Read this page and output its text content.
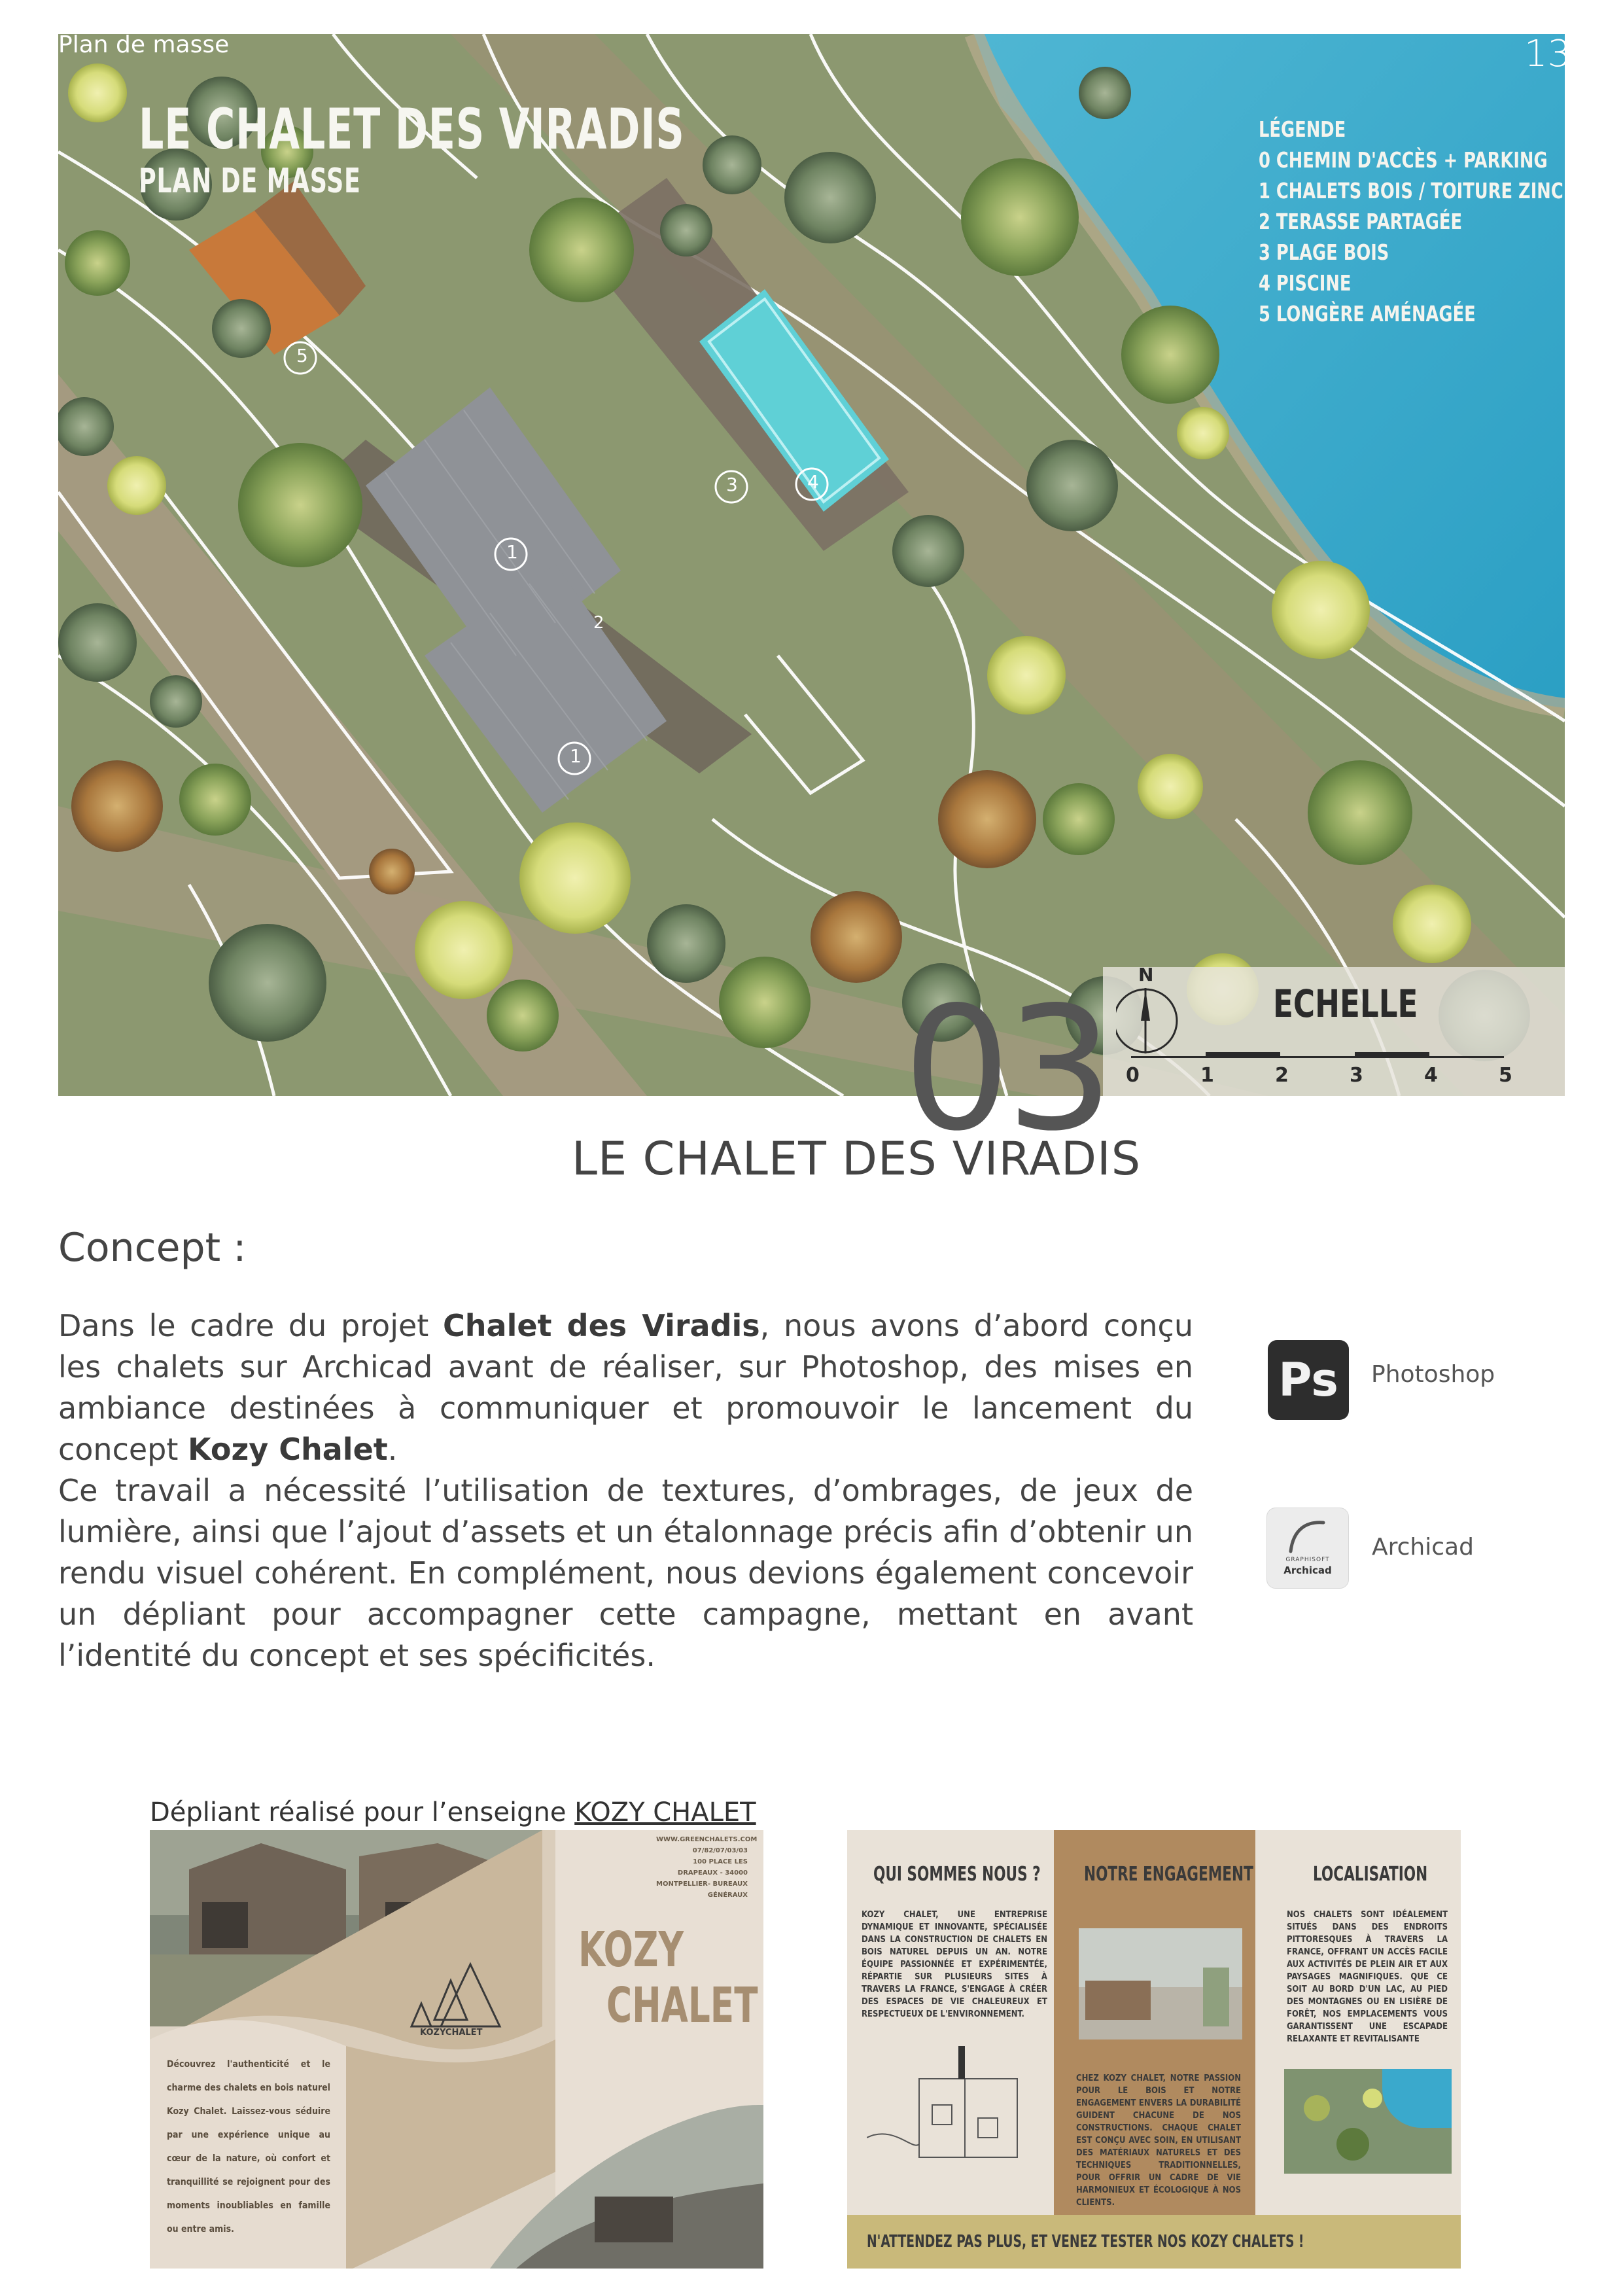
5
1
1
3	4
2
LE CHALET DES VIRADIS
PLAN DE MASSE
LÉGENDE
0 CHEMIN D'ACCÈS + PARKING
1 CHALETS BOIS / TOITURE ZINC
2 TERASSE PARTAGÉE
3 PLAGE BOIS
4 PISCINE
5 LONGÈRE AMÉNAGÉE
N
ECHELLE
0	1	2	3	4	5
Plan de masse	13
03
LE CHALET DES VIRADIS
Concept :
Dans le cadre du projet Chalet des Viradis, nous avons d’abord conçu les chalets sur Archicad avant de réaliser, sur Photoshop, des mises en ambiance destinées à communiquer et promouvoir le lancement du concept Kozy Chalet.
Ce travail a nécessité l’utilisation de textures, d’ombrages, de jeux de lumière, ainsi que l’ajout d’assets et un étalonnage précis afin d’obtenir un rendu visuel cohérent. En complément, nous devions également concevoir un dépliant pour accompagner cette campagne, mettant en avant l’identité du concept et ses spécificités.
Ps	Photoshop
GRAPHISOFT
Archicad
Archicad
Dépliant réalisé pour l’enseigne KOZY CHALET
WWW.GREENCHALETS.COM
07/82/07/03/03
100 PLACE LES DRAPEAUX - 34000
MONTPELLIER- BUREAUX GÉNÉRAUX
KOZY
CHALET
KOZYCHALET
Découvrez l'authenticité et le charme des chalets en bois naturel Kozy Chalet. Laissez-vous séduire par une expérience unique au cœur de la nature, où confort et tranquillité se rejoignent pour des moments inoubliables en famille ou entre amis.
QUI SOMMES NOUS ?
KOZY CHALET, UNE ENTREPRISE DYNAMIQUE ET INNOVANTE, SPÉCIALISÉE DANS LA CONSTRUCTION DE CHALETS EN BOIS NATUREL DEPUIS UN AN. NOTRE ÉQUIPE PASSIONNÉE ET EXPÉRIMENTÉE, RÉPARTIE SUR PLUSIEURS SITES À TRAVERS LA FRANCE, S'ENGAGE À CRÉER DES ESPACES DE VIE CHALEUREUX ET RESPECTUEUX DE L'ENVIRONNEMENT.
NOTRE ENGAGEMENT
CHEZ KOZY CHALET, NOTRE PASSION POUR LE BOIS ET NOTRE ENGAGEMENT ENVERS LA DURABILITÉ GUIDENT CHACUNE DE NOS CONSTRUCTIONS. CHAQUE CHALET EST CONÇU AVEC SOIN, EN UTILISANT DES MATÉRIAUX NATURELS ET DES TECHNIQUES TRADITIONNELLES, POUR OFFRIR UN CADRE DE VIE HARMONIEUX ET ÉCOLOGIQUE À NOS CLIENTS.
LOCALISATION
NOS CHALETS SONT IDÉALEMENT SITUÉS DANS DES ENDROITS PITTORESQUES À TRAVERS LA FRANCE, OFFRANT UN ACCÈS FACILE AUX ACTIVITÉS DE PLEIN AIR ET AUX PAYSAGES MAGNIFIQUES. QUE CE SOIT AU BORD D'UN LAC, AU PIED DES MONTAGNES OU EN LISIÈRE DE FORÊT, NOS EMPLACEMENTS VOUS GARANTISSENT UNE ESCAPADE RELAXANTE ET REVITALISANTE
N'ATTENDEZ PAS PLUS, ET VENEZ TESTER NOS KOZY CHALETS !
